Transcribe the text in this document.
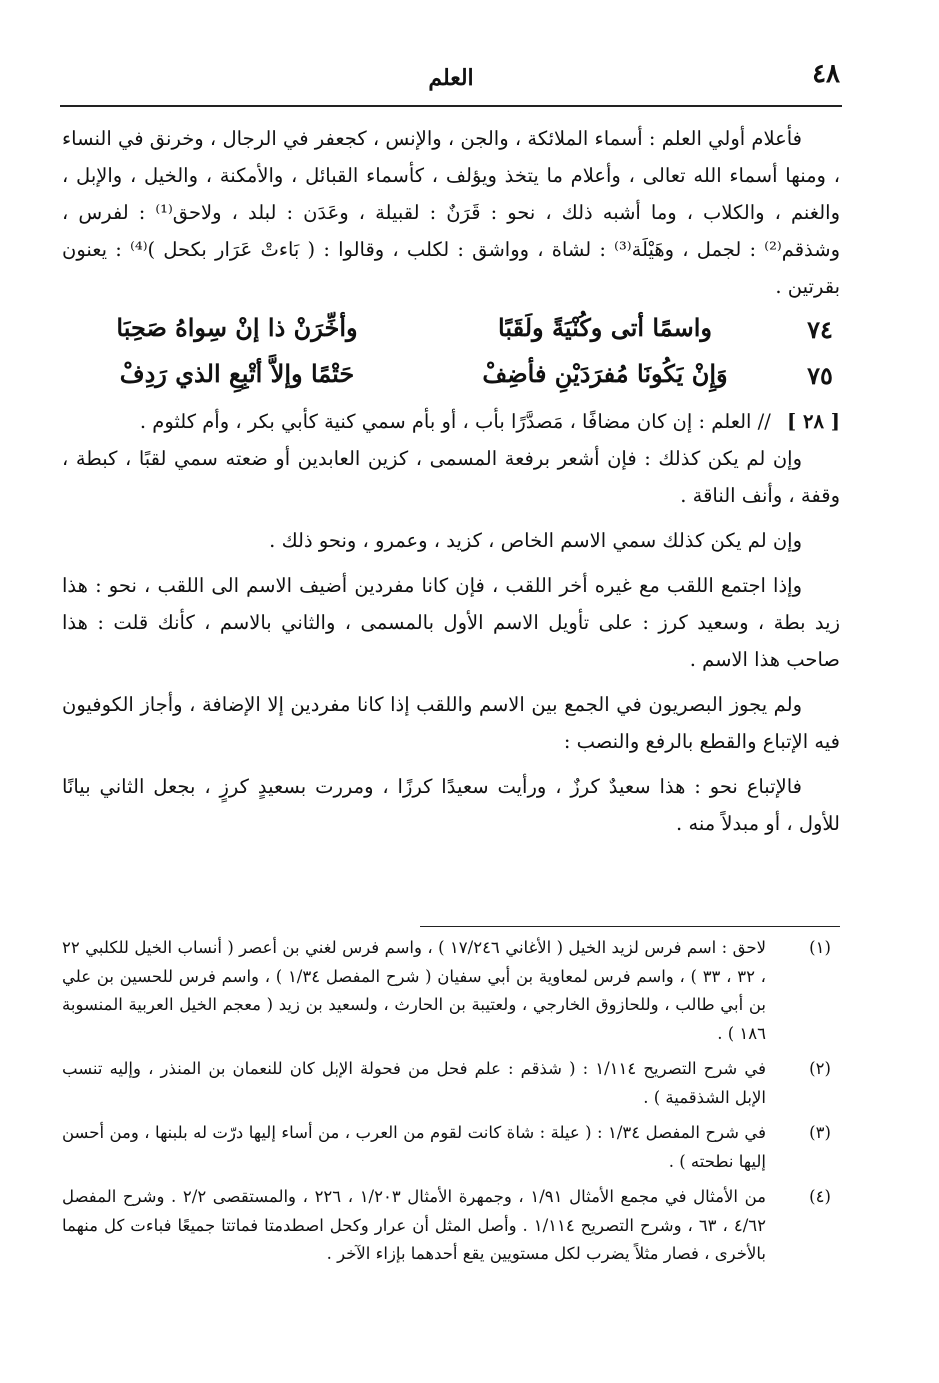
٤٨
العلم

فأعلام أولي العلم : أسماء الملائكة ، والجن ، والإنس ، كجعفر في الرجال ، وخرنق في النساء ، ومنها أسماء الله تعالى ، وأعلام ما يتخذ ويؤلف ، كأسماء القبائل ، والأمكنة ، والخيل ، والإبل ، والغنم ، والكلاب ، وما أشبه ذلك ، نحو : قَرَنٌ : لقبيلة ، وعَدَن : لبلد ، ولاحق⁽¹⁾ : لفرس ، وشذقم⁽²⁾ : لجمل ، وهَيْلَة⁽³⁾ : لشاة ، وواشق : لكلب ، وقالوا : ( بَاءتْ عَرَار بكحل )⁽⁴⁾ : يعنون بقرتين .

٧٤
واسمًا أتى وكُنْيَةً ولَقَبًا
وأخِّرَنْ ذا إنْ سِواهُ صَحِبَا
٧٥
وَإِنْ يَكُونَا مُفرَدَيْنِ فأضِفْ
حَتْمًا وإلاَّ أتْبِعِ الذي رَدِفْ
[ ٢٨ ] // العلم : إن كان مضافًا ، مَصدَّرًا بأب ، أو بأم سمي كنية كأبي بكر ، وأم كلثوم .

وإن لم يكن كذلك : فإن أشعر برفعة المسمى ، كزين العابدين أو ضعته سمي لقبًا ، كبطة ، وقفة ، وأنف الناقة .

وإن لم يكن كذلك سمي الاسم الخاص ، كزيد ، وعمرو ، ونحو ذلك .

وإذا اجتمع اللقب مع غيره أخر اللقب ، فإن كانا مفردين أضيف الاسم الى اللقب ، نحو : هذا زيد بطة ، وسعيد كرز : على تأويل الاسم الأول بالمسمى ، والثاني بالاسم ، كأنك قلت : هذا صاحب هذا الاسم .

ولم يجوز البصريون في الجمع بين الاسم واللقب إذا كانا مفردين إلا الإضافة ، وأجاز الكوفيون فيه الإتباع والقطع بالرفع والنصب :

فالإتباع نحو : هذا سعيدٌ كرزٌ ، ورأيت سعيدًا كرزًا ، ومررت بسعيدٍ كرزٍ ، بجعل الثاني بيانًا للأول ، أو مبدلاً منه .

(١)
لاحق : اسم فرس لزيد الخيل ( الأغاني ١٧/٢٤٦ ) ، واسم فرس لغني بن أعصر ( أنساب الخيل للكلبي ٢٢ ، ٣٢ ، ٣٣ ) ، واسم فرس لمعاوية بن أبي سفيان ( شرح المفصل ١/٣٤ ) ، واسم فرس للحسين بن علي بن أبي طالب ، وللحازوق الخارجي ، ولعتيبة بن الحارث ، ولسعيد بن زيد ( معجم الخيل العربية المنسوبة ١٨٦ ) .
(٢)
في شرح التصريح ١/١١٤ : ( شذقم : علم فحل من فحولة الإبل كان للنعمان بن المنذر ، وإليه تنسب الإبل الشذقمية ) .
(٣)
في شرح المفصل ١/٣٤ : ( عيلة : شاة كانت لقوم من العرب ، من أساء إليها درّت له بلبنها ، ومن أحسن إليها نطحته ) .
(٤)
من الأمثال في مجمع الأمثال ١/٩١ ، وجمهرة الأمثال ١/٢٠٣ ، ٢٢٦ ، والمستقصى ٢/٢ . وشرح المفصل ٤/٦٢ ، ٦٣ ، وشرح التصريح ١/١١٤ . وأصل المثل أن عرار وكحل اصطدمتا فماتتا جميعًا فباءت كل منهما بالأخرى ، فصار مثلاً يضرب لكل مستويين يقع أحدهما بإزاء الآخر .
